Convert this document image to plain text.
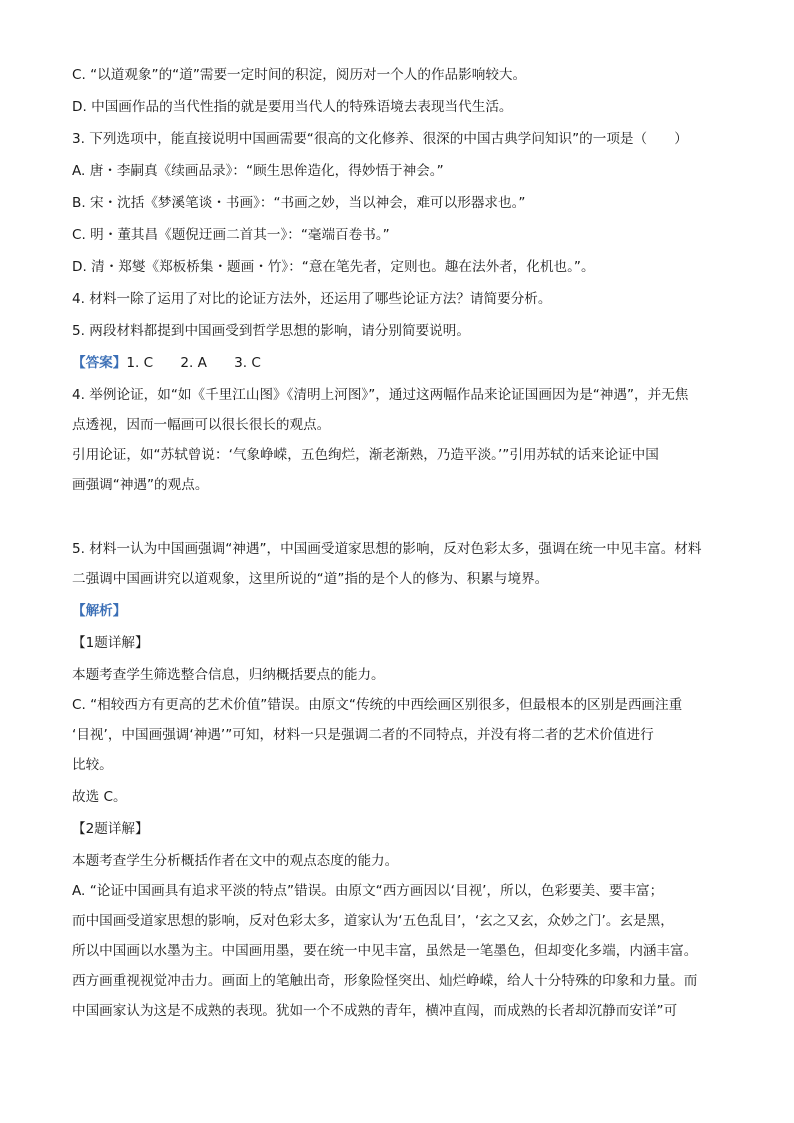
C. “以道观象”的“道”需要一定时间的积淀，阅历对一个人的作品影响较大。
D. 中国画作品的当代性指的就是要用当代人的特殊语境去表现当代生活。
3. 下列选项中，能直接说明中国画需要“很高的文化修养、很深的中国古典学问知识”的一项是（　　）
A. 唐・李嗣真《续画品录》：“顾生思侔造化，得妙悟于神会。”
B. 宋・沈括《梦溪笔谈・书画》：“书画之妙，当以神会，难可以形器求也。”
C. 明・董其昌《题倪迂画二首其一》：“毫端百卷书。”
D. 清・郑燮《郑板桥集・题画・竹》：“意在笔先者，定则也。趣在法外者，化机也。”。
4. 材料一除了运用了对比的论证方法外，还运用了哪些论证方法？请简要分析。
5. 两段材料都提到中国画受到哲学思想的影响，请分别简要说明。
【答案】1. C　　2. A　　3. C
4. 举例论证，如“如《千里江山图》《清明上河图》”，通过这两幅作品来论证国画因为是“神遇”，并无焦
点透视，因而一幅画可以很长很长的观点。
引用论证，如“苏轼曾说：‘气象峥嵘，五色绚烂，渐老渐熟，乃造平淡。’”引用苏轼的话来论证中国
画强调“神遇”的观点。
5. 材料一认为中国画强调“神遇”，中国画受道家思想的影响，反对色彩太多，强调在统一中见丰富。材料
二强调中国画讲究以道观象，这里所说的“道”指的是个人的修为、积累与境界。
【解析】
【1题详解】
本题考查学生筛选整合信息，归纳概括要点的能力。
C. “相较西方有更高的艺术价值”错误。由原文“传统的中西绘画区别很多，但最根本的区别是西画注重
‘目视’，中国画强调‘神遇’”可知，材料一只是强调二者的不同特点，并没有将二者的艺术价值进行
比较。
故选 C。
【2题详解】
本题考查学生分析概括作者在文中的观点态度的能力。
A. “论证中国画具有追求平淡的特点”错误。由原文“西方画因以‘目视’，所以，色彩要美、要丰富；
而中国画受道家思想的影响，反对色彩太多，道家认为‘五色乱目’，‘玄之又玄，众妙之门’。玄是黑，
所以中国画以水墨为主。中国画用墨，要在统一中见丰富，虽然是一笔墨色，但却变化多端，内涵丰富。
西方画重视视觉冲击力。画面上的笔触出奇，形象险怪突出、灿烂峥嵘，给人十分特殊的印象和力量。而
中国画家认为这是不成熟的表现。犹如一个不成熟的青年，横冲直闯，而成熟的长者却沉静而安详”可
